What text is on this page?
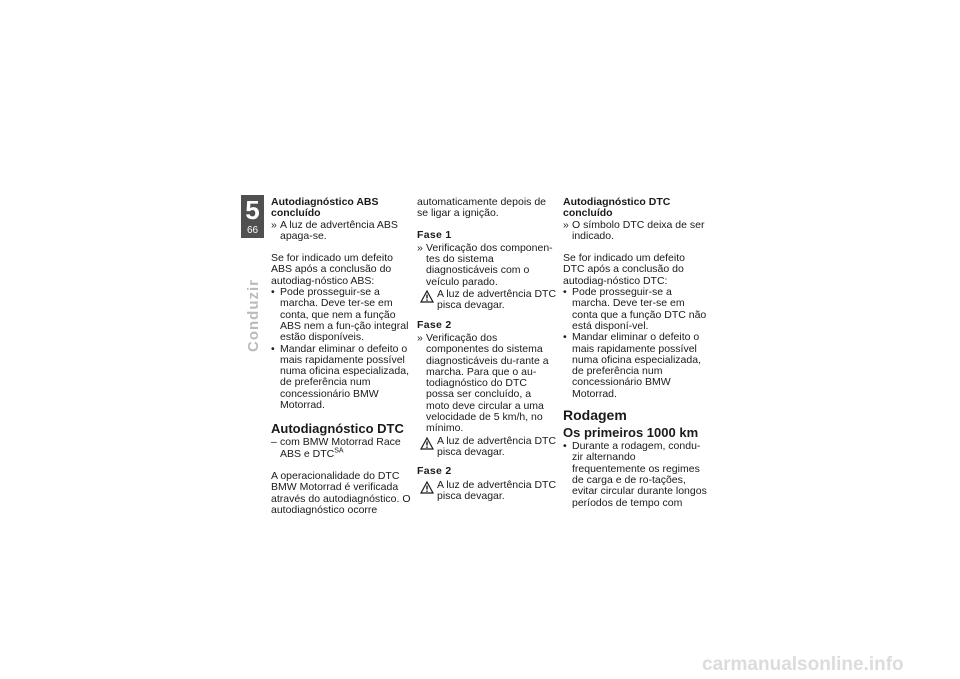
5
66
Conduzir

Autodiagnóstico ABS concluído

» A luz de advertência ABS apaga-se.

Se for indicado um defeito ABS após a conclusão do autodiag-nóstico ABS:

• Pode prosseguir-se a marcha. Deve ter-se em conta, que nem a função ABS nem a fun-ção integral estão disponíveis.
• Mandar eliminar o defeito o mais rapidamente possível numa oficina especializada, de preferência num concessionário BMW Motorrad.

Autodiagnóstico DTC

– com BMW Motorrad Race ABS e $DTC^{SA}$

A operacionalidade do DTC BMW Motorrad é verificada através do autodiagnóstico. O autodiagnóstico ocorre

automaticamente depois de se ligar a ignição.

Fase 1

» Verificação dos componen-tes do sistema diagnosticáveis com o veículo parado.
A luz de advertência DTC pisca devagar.

Fase 2

» Verificação dos componentes do sistema diagnosticáveis du-rante a marcha. Para que o au-todiagnóstico do DTC possa ser concluído, a moto deve circular a uma velocidade de 5 km/h, no mínimo.
A luz de advertência DTC pisca devagar.

Fase 2

A luz de advertência DTC pisca devagar.

Autodiagnóstico DTC concluído

» O símbolo DTC deixa de ser indicado.

Se for indicado um defeito DTC após a conclusão do autodiag-nóstico DTC:

• Pode prosseguir-se a marcha. Deve ter-se em conta que a função DTC não está disponí-vel.
• Mandar eliminar o defeito o mais rapidamente possível numa oficina especializada, de preferência num concessionário BMW Motorrad.

Rodagem

Os primeiros 1000 km

• Durante a rodagem, condu-zir alternando frequentemente os regimes de carga e de ro-tações, evitar circular durante longos períodos de tempo com
carmanualsonline.info
